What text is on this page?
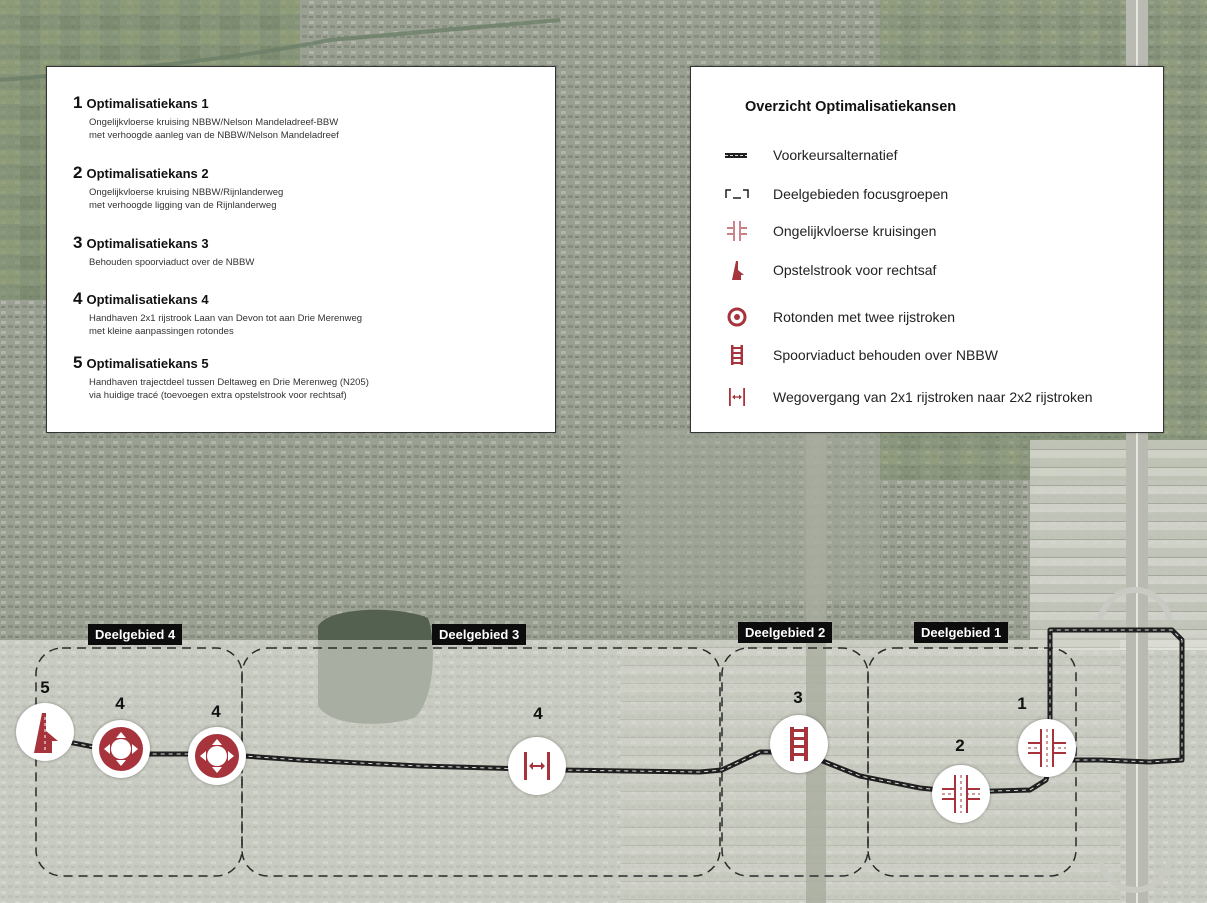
Deelgebied 4	Deelgebied 3	Deelgebied 2	Deelgebied 1
5
4	4	4
3
2
1
1 Optimalisatiekans 1
Ongelijkvloerse kruising NBBW/Nelson Mandeladreef-BBW
met verhoogde aanleg van de NBBW/Nelson Mandeladreef
2 Optimalisatiekans 2
Ongelijkvloerse kruising NBBW/Rijnlanderweg
met verhoogde ligging van de Rijnlanderweg
3 Optimalisatiekans 3
Behouden spoorviaduct over de NBBW
4 Optimalisatiekans 4
Handhaven 2x1 rijstrook Laan van Devon tot aan Drie Merenweg
met kleine aanpassingen rotondes
5 Optimalisatiekans 5
Handhaven trajectdeel tussen Deltaweg en Drie Merenweg (N205)
via huidige tracé (toevoegen extra opstelstrook voor rechtsaf)
Overzicht Optimalisatiekansen
Voorkeursalternatief
Deelgebieden focusgroepen
Ongelijkvloerse kruisingen
Opstelstrook voor rechtsaf
Rotonden met twee rijstroken
Spoorviaduct behouden over NBBW
Wegovergang van 2x1 rijstroken naar 2x2 rijstroken
